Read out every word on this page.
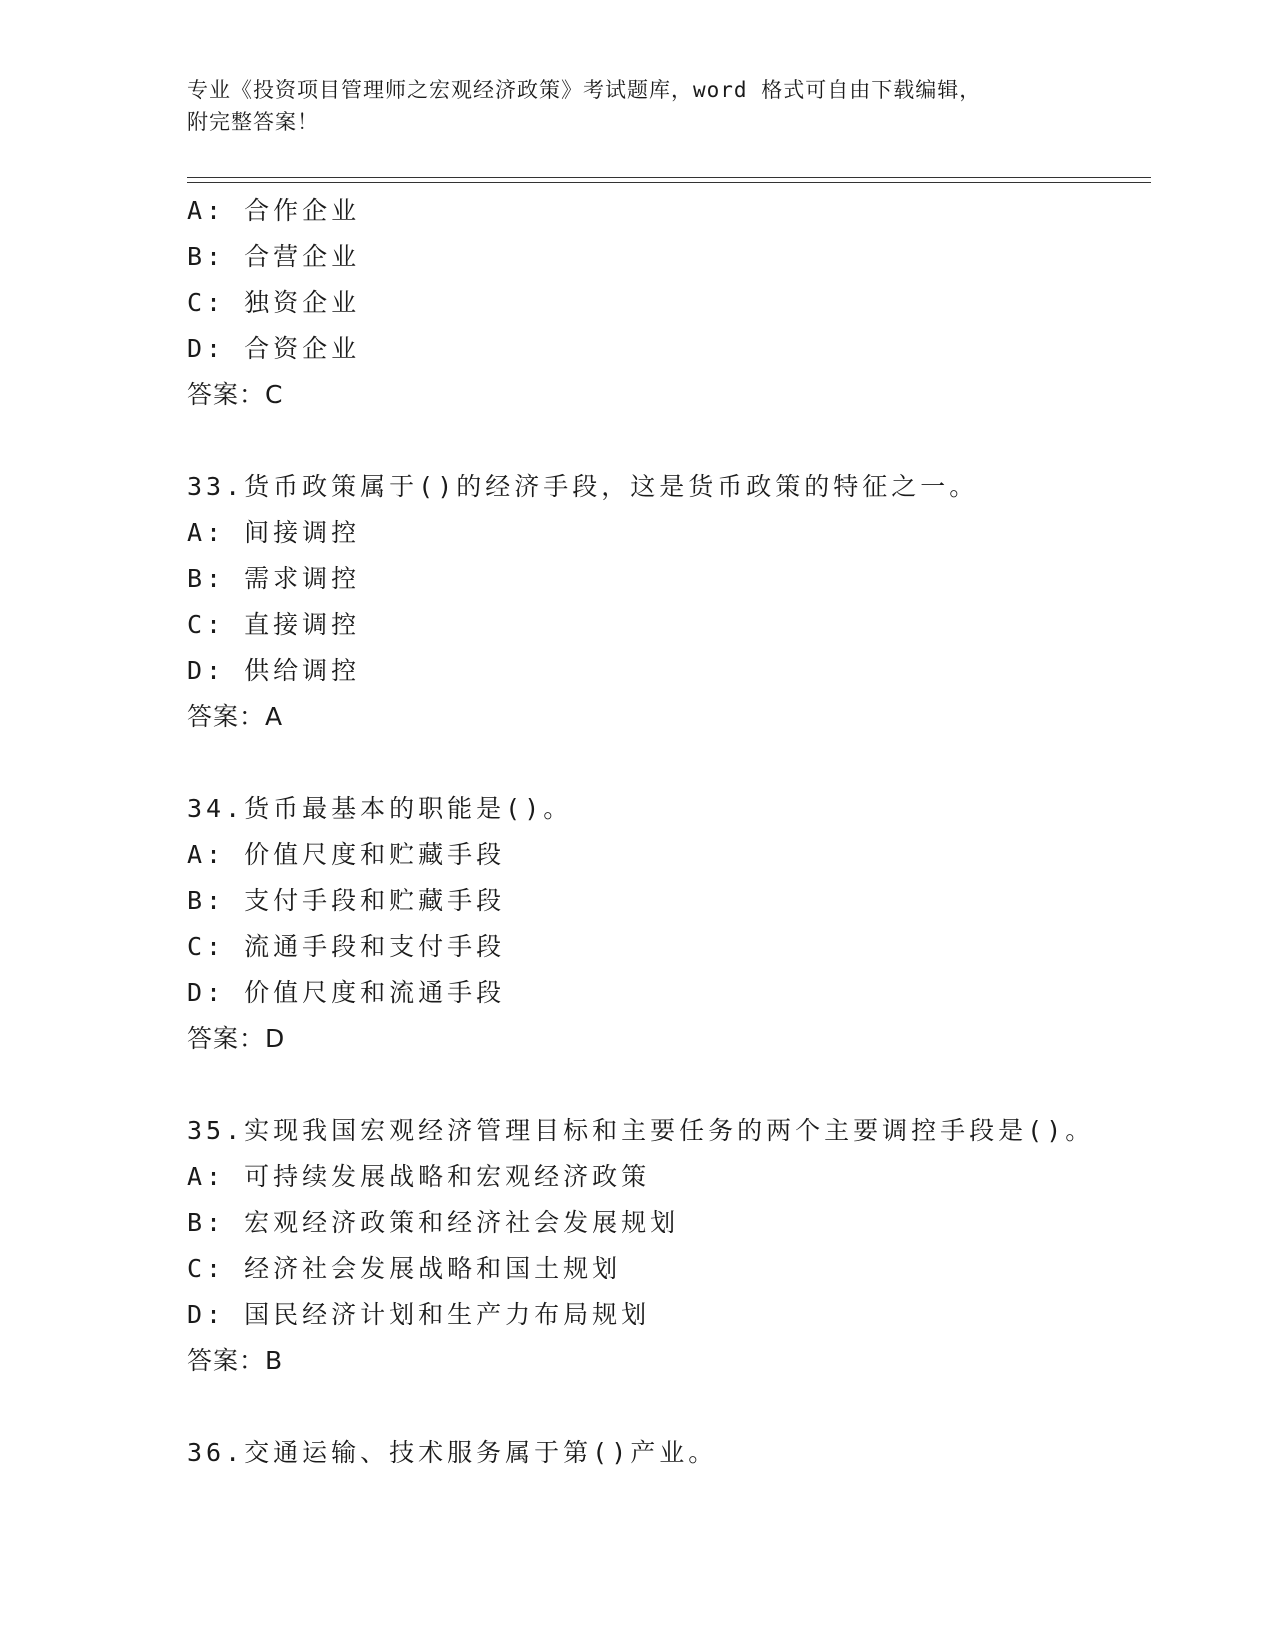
专业《投资项目管理师之宏观经济政策》考试题库，word 格式可自由下载编辑，
附完整答案！
A: 合作企业
B: 合营企业
C: 独资企业
D: 合资企业
答案：C
33.货币政策属于()的经济手段，这是货币政策的特征之一。
A: 间接调控
B: 需求调控
C: 直接调控
D: 供给调控
答案：A
34.货币最基本的职能是()。
A: 价值尺度和贮藏手段
B: 支付手段和贮藏手段
C: 流通手段和支付手段
D: 价值尺度和流通手段
答案：D
35.实现我国宏观经济管理目标和主要任务的两个主要调控手段是()。
A: 可持续发展战略和宏观经济政策
B: 宏观经济政策和经济社会发展规划
C: 经济社会发展战略和国土规划
D: 国民经济计划和生产力布局规划
答案：B
36.交通运输、技术服务属于第()产业。
